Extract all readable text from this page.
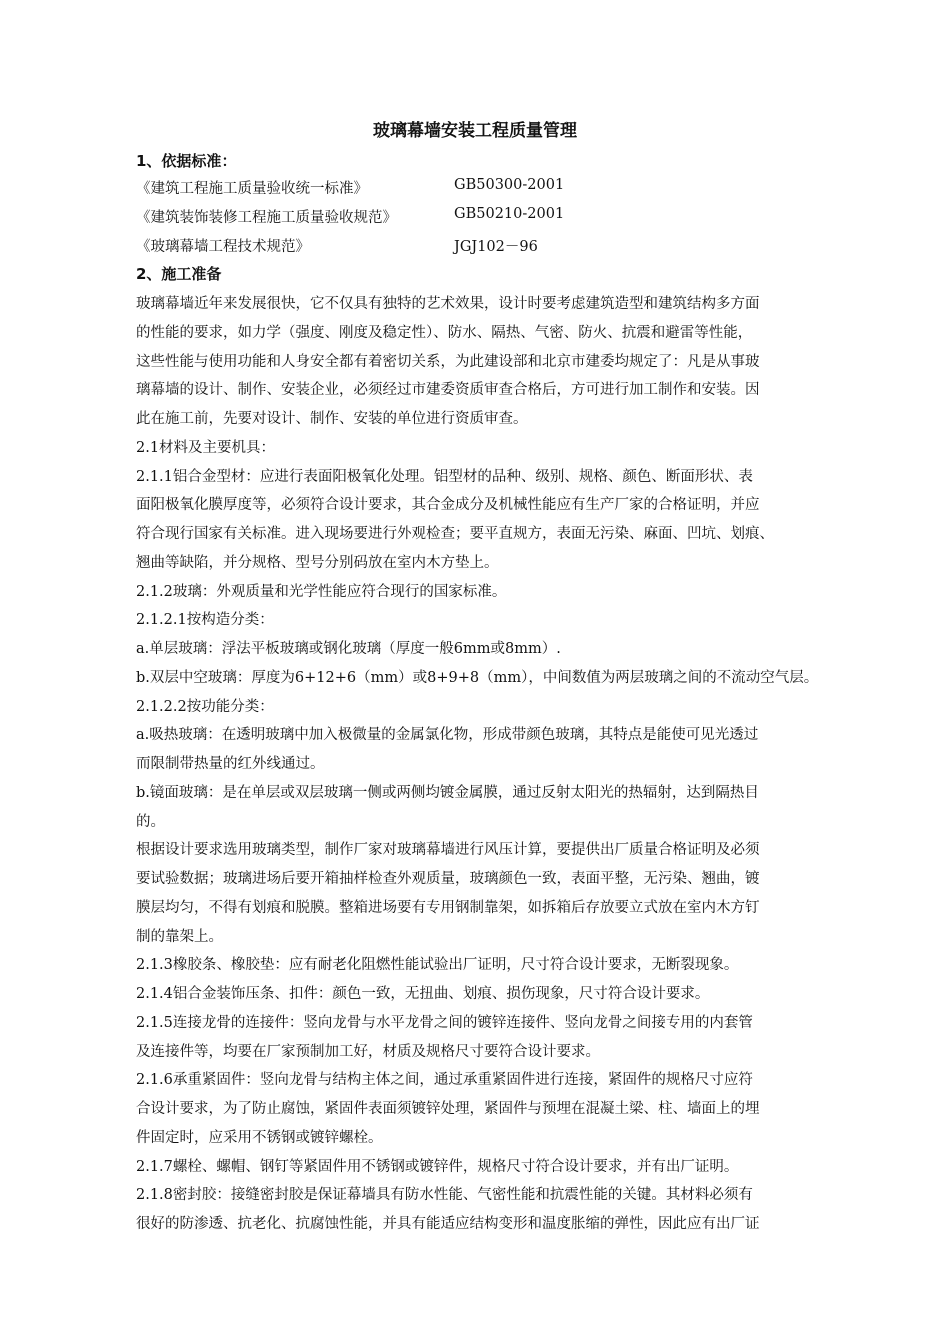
玻璃幕墙安装工程质量管理
1、依据标准：
《建筑工程施工质量验收统一标准》	GB50300-2001
《建筑装饰装修工程施工质量验收规范》	GB50210-2001
《玻璃幕墙工程技术规范》	JGJ102－96
2、施工准备
玻璃幕墙近年来发展很快，它不仅具有独特的艺术效果，设计时要考虑建筑造型和建筑结构多方面
的性能的要求，如力学（强度、刚度及稳定性）、防水、隔热、气密、防火、抗震和避雷等性能，
这些性能与使用功能和人身安全都有着密切关系，为此建设部和北京市建委均规定了：凡是从事玻
璃幕墙的设计、制作、安装企业，必须经过市建委资质审查合格后，方可进行加工制作和安装。因
此在施工前，先要对设计、制作、安装的单位进行资质审查。
2.1材料及主要机具：
2.1.1铝合金型材：应进行表面阳极氧化处理。铝型材的品种、级别、规格、颜色、断面形状、表
面阳极氧化膜厚度等，必须符合设计要求，其合金成分及机械性能应有生产厂家的合格证明，并应
符合现行国家有关标准。进入现场要进行外观检查；要平直规方，表面无污染、麻面、凹坑、划痕、
翘曲等缺陷，并分规格、型号分别码放在室内木方垫上。
2.1.2玻璃：外观质量和光学性能应符合现行的国家标准。
2.1.2.1按构造分类：
a.单层玻璃：浮法平板玻璃或钢化玻璃（厚度一般6mm或8mm）.
b.双层中空玻璃：厚度为6+12+6（mm）或8+9+8（mm），中间数值为两层玻璃之间的不流动空气层。
2.1.2.2按功能分类：
a.吸热玻璃：在透明玻璃中加入极微量的金属氯化物，形成带颜色玻璃，其特点是能使可见光透过
而限制带热量的红外线通过。
b.镜面玻璃：是在单层或双层玻璃一侧或两侧均镀金属膜，通过反射太阳光的热辐射，达到隔热目
的。
根据设计要求选用玻璃类型，制作厂家对玻璃幕墙进行风压计算，要提供出厂质量合格证明及必须
要试验数据；玻璃进场后要开箱抽样检查外观质量，玻璃颜色一致，表面平整，无污染、翘曲，镀
膜层均匀，不得有划痕和脱膜。整箱进场要有专用钢制靠架，如拆箱后存放要立式放在室内木方钉
制的靠架上。
2.1.3橡胶条、橡胶垫：应有耐老化阻燃性能试验出厂证明，尺寸符合设计要求，无断裂现象。
2.1.4铝合金装饰压条、扣件：颜色一致，无扭曲、划痕、损伤现象，尺寸符合设计要求。
2.1.5连接龙骨的连接件：竖向龙骨与水平龙骨之间的镀锌连接件、竖向龙骨之间接专用的内套管
及连接件等，均要在厂家预制加工好，材质及规格尺寸要符合设计要求。
2.1.6承重紧固件：竖向龙骨与结构主体之间，通过承重紧固件进行连接，紧固件的规格尺寸应符
合设计要求，为了防止腐蚀，紧固件表面须镀锌处理，紧固件与预埋在混凝土梁、柱、墙面上的埋
件固定时，应采用不锈钢或镀锌螺栓。
2.1.7螺栓、螺帽、钢钉等紧固件用不锈钢或镀锌件，规格尺寸符合设计要求，并有出厂证明。
2.1.8密封胶：接缝密封胶是保证幕墙具有防水性能、气密性能和抗震性能的关键。其材料必须有
很好的防渗透、抗老化、抗腐蚀性能，并具有能适应结构变形和温度胀缩的弹性，因此应有出厂证
